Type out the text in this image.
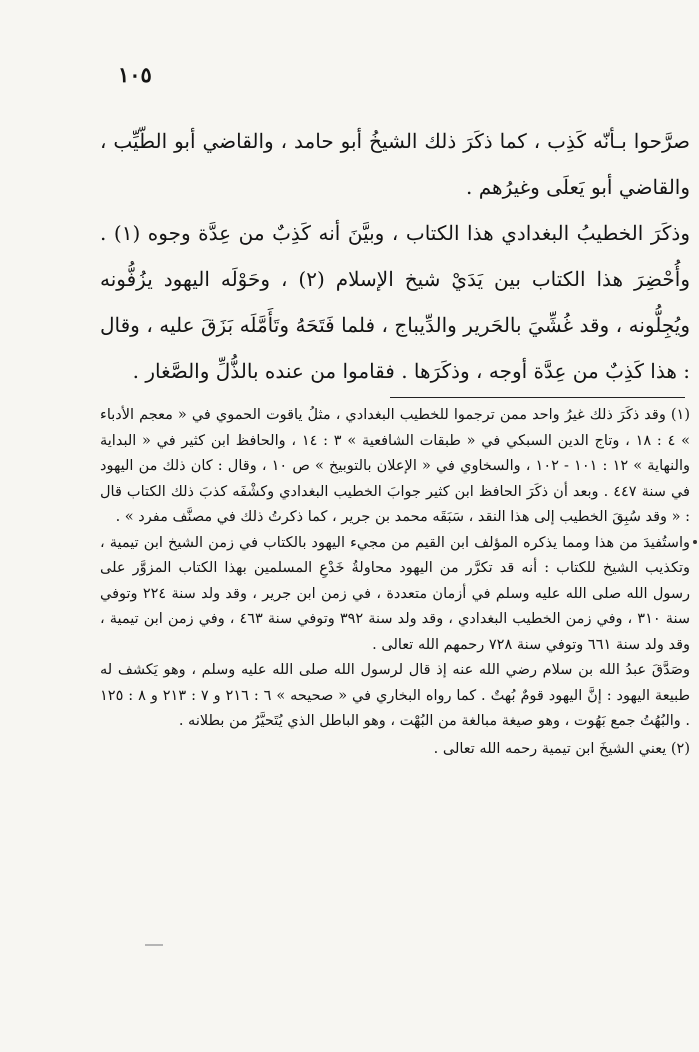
١٠٥

صرَّحوا بـأنّه كَذِب ، كما ذكَرَ ذلك الشيخُ أبو حامد ، والقاضي أبو الطّيِّب ، والقاضي أبو يَعلَى وغيرُهم .

وذكَرَ الخطيبُ البغدادي هذا الكتاب ، وبيَّنَ أنه كَذِبٌ من عِدَّة وجوه (١) . وأُحْضِرَ هذا الكتاب بين يَدَيْ شيخ الإسلام (٢) ، وحَوْلَه اليهود يزُفُّونه ويُجِلُّونه ، وقد غُشِّيَ بالحَرير والدِّيباج ، فلما فَتَحَهُ وتَأَمَّلَه بَزَقَ عليه ، وقال : هذا كَذِبٌ من عِدَّة أوجه ، وذكَرَها . فقاموا من عنده بالذُّلِّ والصَّغار .

(١) وقد ذكَرَ ذلك غيرُ واحد ممن ترجموا للخطيب البغدادي ، مثلُ ياقوت الحموي في « معجم الأدباء » ٤ : ١٨ ، وتاج الدين السبكي في « طبقات الشافعية » ٣ : ١٤ ، والحافظ ابن كثير في « البداية والنهاية » ١٢ : ١٠١ - ١٠٢ ، والسخاوي في « الإعلان بالتوبيخ » ص ١٠ ، وقال : كان ذلك من اليهود في سنة ٤٤٧ . وبعد أن ذكَرَ الحافظ ابن كثير جوابَ الخطيب البغدادي وكشْفَه كذبَ ذلك الكتاب قال : « وقد سُبِقَ الخطيب إلى هذا النقد ، سَبَقَه محمد بن جرير ، كما ذكرتُ ذلك في مصنَّف مفرد » .

واستُفيدَ من هذا ومما يذكره المؤلف ابن القيم من مجيء اليهود بالكتاب في زمن الشيخ ابن تيمية ، وتكذيب الشيخ للكتاب : أنه قد تكرَّر من اليهود محاولةُ خَدْعِ المسلمين بهذا الكتاب المزوَّر على رسول الله صلى الله عليه وسلم في أزمان متعددة ، في زمن ابن جرير ، وقد ولد سنة ٢٢٤ وتوفي سنة ٣١٠ ، وفي زمن الخطيب البغدادي ، وقد ولد سنة ٣٩٢ وتوفي سنة ٤٦٣ ، وفي زمن ابن تيمية ، وقد ولد سنة ٦٦١ وتوفي سنة ٧٢٨ رحمهم الله تعالى .

وصَدَّقَ عبدُ الله بن سلام رضي الله عنه إذ قال لرسول الله صلى الله عليه وسلم ، وهو يَكشف له طبيعة اليهود : إنَّ اليهود قومٌ بُهتٌ . كما رواه البخاري في « صحيحه » ٦ : ٢١٦ و ٧ : ٢١٣ و ٨ : ١٢٥ . والبُهُتُ جمع بَهُوت ، وهو صيغة مبالغة من البُهْت ، وهو الباطل الذي يُتَحيَّرُ من بطلانه .

(٢) يعني الشيخَ ابن تيمية رحمه الله تعالى .
